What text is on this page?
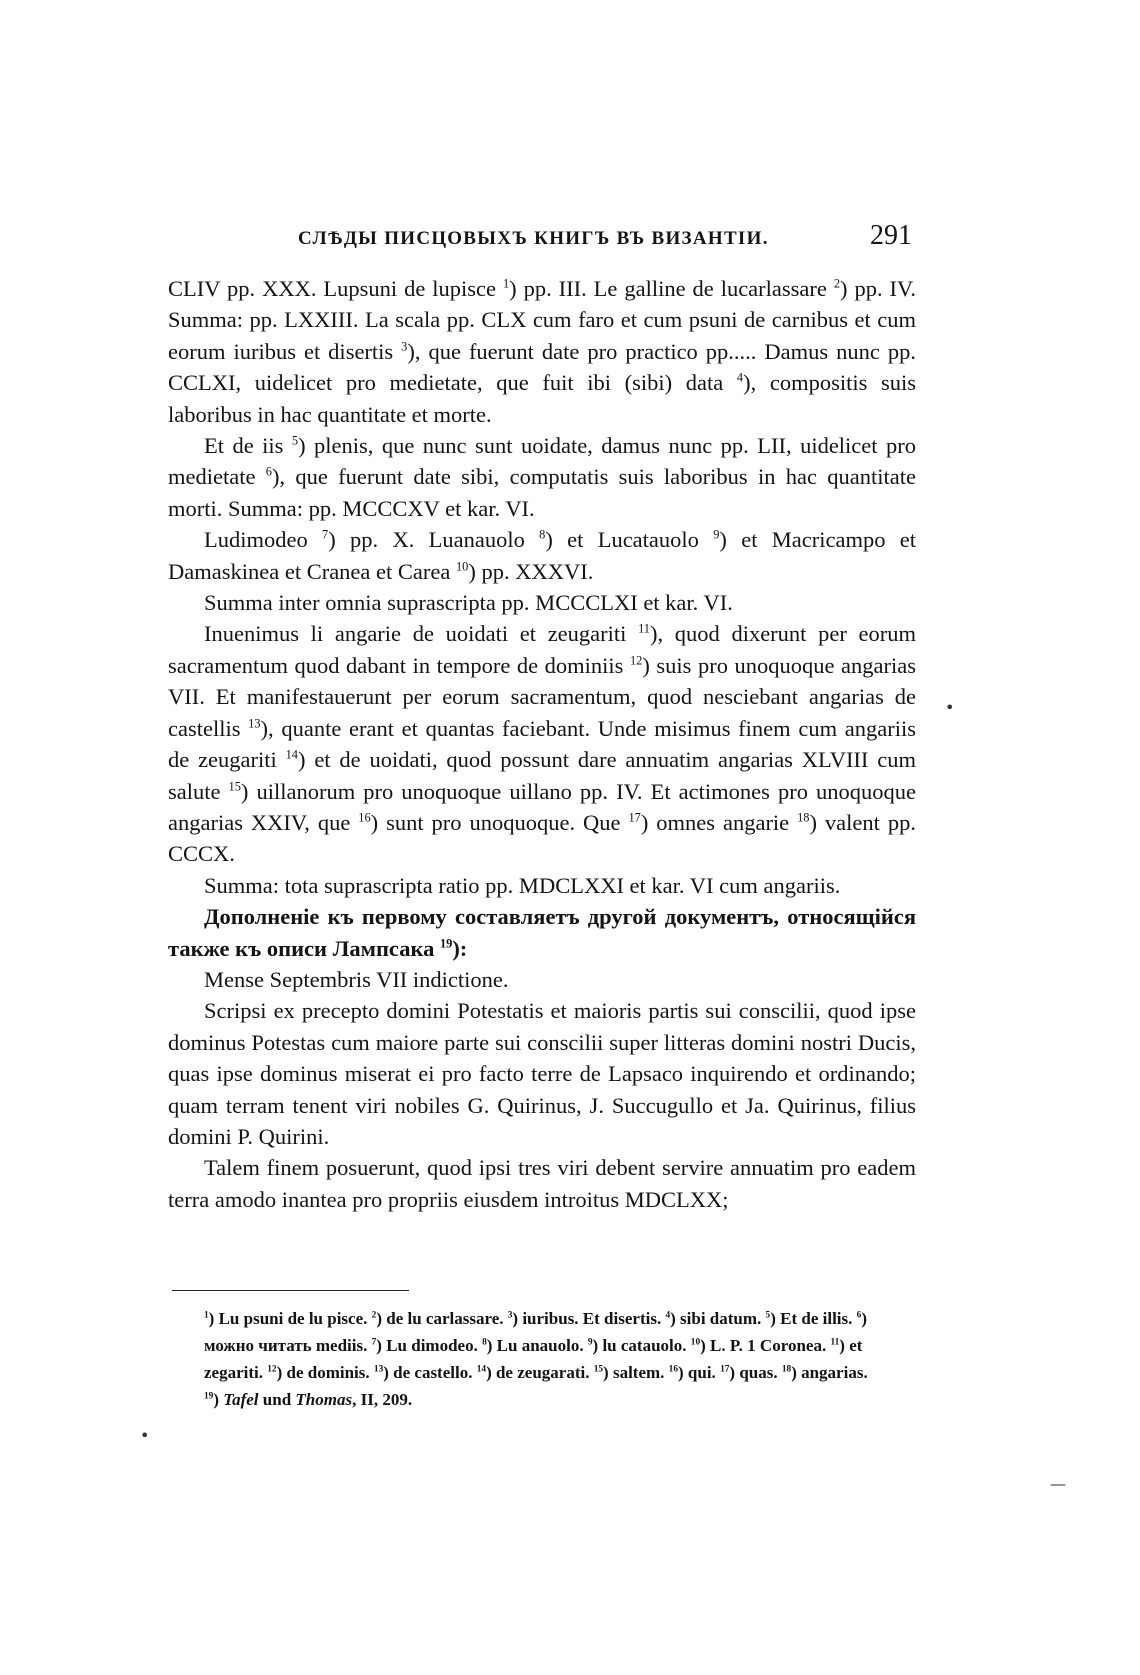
СЛѢДЫ ПИСЦОВЫХЪ КНИГЪ ВЪ ВИЗАНТІИ.	291

CLIV pp. XXX. Lupsuni de lupisce $^1$) pp. III. Le galline de lucarlassare $^2$) pp. IV. Summa: pp. LXXIII. La scala pp. CLX cum faro et cum psuni de carnibus et cum eorum iuribus et disertis $^3$), que fuerunt date pro practico pp..... Damus nunc pp. CCLXI, uidelicet pro medietate, que fuit ibi (sibi) data $^4$), compositis suis laboribus in hac quantitate et morte.

Et de iis $^5$) plenis, que nunc sunt uoidate, damus nunc pp. LII, uidelicet pro medietate $^6$), que fuerunt date sibi, computatis suis laboribus in hac quantitate morti. Summa: pp. MCCCXV et kar. VI.

Ludimodeo $^7$) pp. X. Luanauolo $^8$) et Lucatauolo $^9$) et Macricampo et Damaskinea et Cranea et Carea $^{10}$) pp. XXXVI.

Summa inter omnia suprascripta pp. MCCCLXI et kar. VI.

Inuenimus li angarie de uoidati et zeugariti $^{11}$), quod dixerunt per eorum sacramentum quod dabant in tempore de dominiis $^{12}$) suis pro unoquoque angarias VII. Et manifestauerunt per eorum sacramentum, quod nesciebant angarias de castellis $^{13}$), quante erant et quantas faciebant. Unde misimus finem cum angariis de zeugariti $^{14}$) et de uoidati, quod possunt dare annuatim angarias XLVIII cum salute $^{15}$) uillanorum pro unoquoque uillano pp. IV. Et actimones pro unoquoque angarias XXIV, que $^{16}$) sunt pro unoquoque. Que $^{17}$) omnes angarie $^{18}$) valent pp. CCCX.

Summa: tota suprascripta ratio pp. MDCLXXI et kar. VI cum angariis.

Дополненіе къ первому составляетъ другой документъ, относящійся также къ описи Лампсака $^{19}$):

Mense Septembris VII indictione.

Scripsi ex precepto domini Potestatis et maioris partis sui conscilii, quod ipse dominus Potestas cum maiore parte sui conscilii super litteras domini nostri Ducis, quas ipse dominus miserat ei pro facto terre de Lapsaco inquirendo et ordinando; quam terram tenent viri nobiles G. Quirinus, J. Succugullo et Ja. Quirinus, filius domini P. Quirini.

Talem finem posuerunt, quod ipsi tres viri debent servire annuatim pro eadem terra amodo inantea pro propriis eiusdem introitus MDCLXX;

$^1$) Lu psuni de lu pisce. $^2$) de lu carlassare. $^3$) iuribus. Et disertis. $^4$) sibi datum. $^5$) Et de illis. $^6$) можно читать mediis. $^7$) Lu dimodeo. $^8$) Lu anauolo. $^9$) lu catauolo. $^{10}$) L. P. 1 Coronea. $^{11}$) et zegariti. $^{12}$) de dominis. $^{13}$) de castello. $^{14}$) de zeugarati. $^{15}$) saltem. $^{16}$) qui. $^{17}$) quas. $^{18}$) angarias.

$^{19}$) Tafel und Thomas, II, 209.

•
•
—
